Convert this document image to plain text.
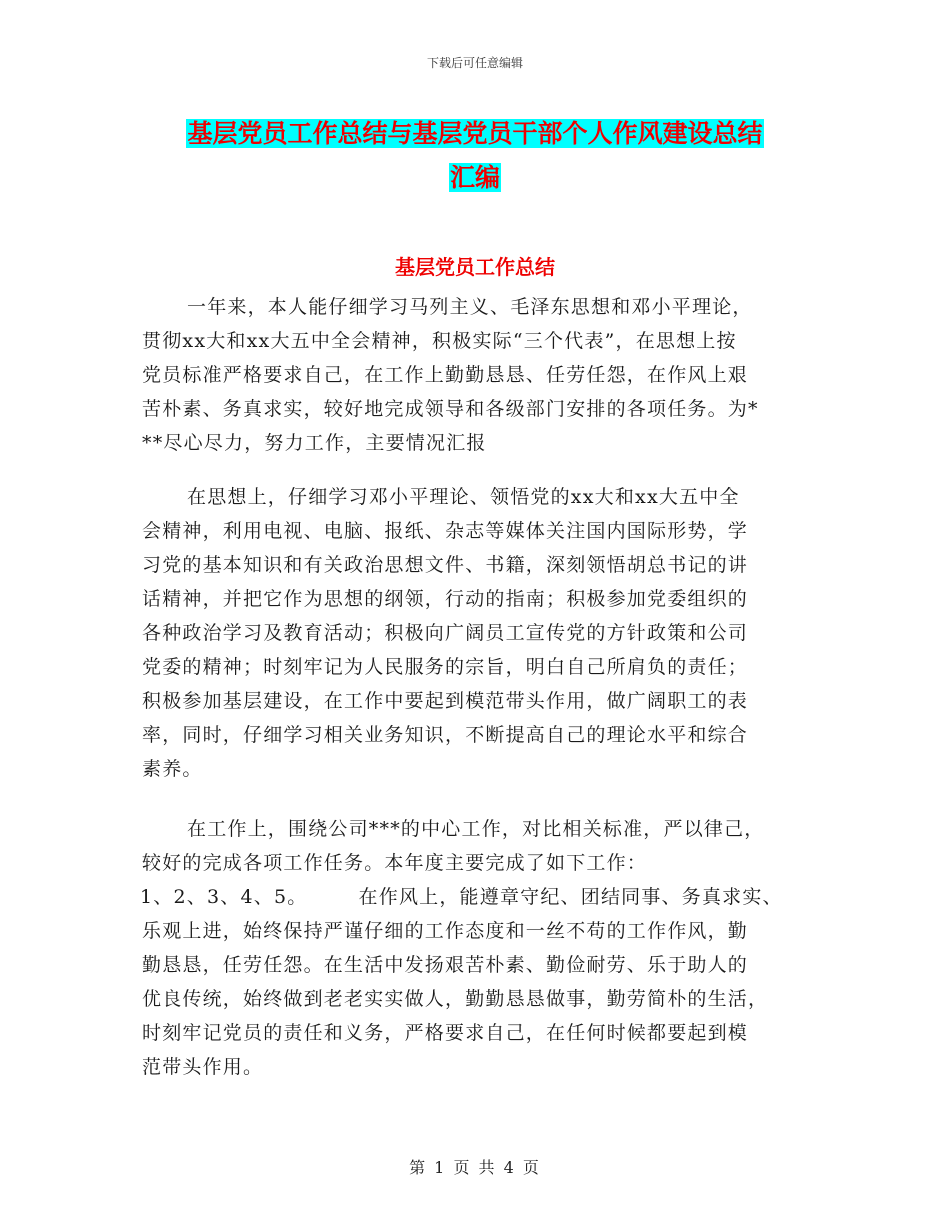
下载后可任意编辑
基层党员工作总结与基层党员干部个人作风建设总结
汇编
基层党员工作总结
一年来，本人能仔细学习马列主义、毛泽东思想和邓小平理论，
贯彻xx大和xx大五中全会精神，积极实际“三个代表”，在思想上按
党员标准严格要求自己，在工作上勤勤恳恳、任劳任怨，在作风上艰
苦朴素、务真求实，较好地完成领导和各级部门安排的各项任务。为*
**尽心尽力，努力工作，主要情况汇报
在思想上，仔细学习邓小平理论、领悟党的xx大和xx大五中全
会精神，利用电视、电脑、报纸、杂志等媒体关注国内国际形势，学
习党的基本知识和有关政治思想文件、书籍，深刻领悟胡总书记的讲
话精神，并把它作为思想的纲领，行动的指南；积极参加党委组织的
各种政治学习及教育活动；积极向广阔员工宣传党的方针政策和公司
党委的精神；时刻牢记为人民服务的宗旨，明白自己所肩负的责任；
积极参加基层建设，在工作中要起到模范带头作用，做广阔职工的表
率，同时，仔细学习相关业务知识，不断提高自己的理论水平和综合
素养。
在工作上，围绕公司***的中心工作，对比相关标准，严以律己，
较好的完成各项工作任务。本年度主要完成了如下工作：
1、2、3、4、5。　　　在作风上，能遵章守纪、团结同事、务真求实、
乐观上进，始终保持严谨仔细的工作态度和一丝不苟的工作作风，勤
勤恳恳，任劳任怨。在生活中发扬艰苦朴素、勤俭耐劳、乐于助人的
优良传统，始终做到老老实实做人，勤勤恳恳做事，勤劳简朴的生活，
时刻牢记党员的责任和义务，严格要求自己，在任何时候都要起到模
范带头作用。
第 1 页 共 4 页
